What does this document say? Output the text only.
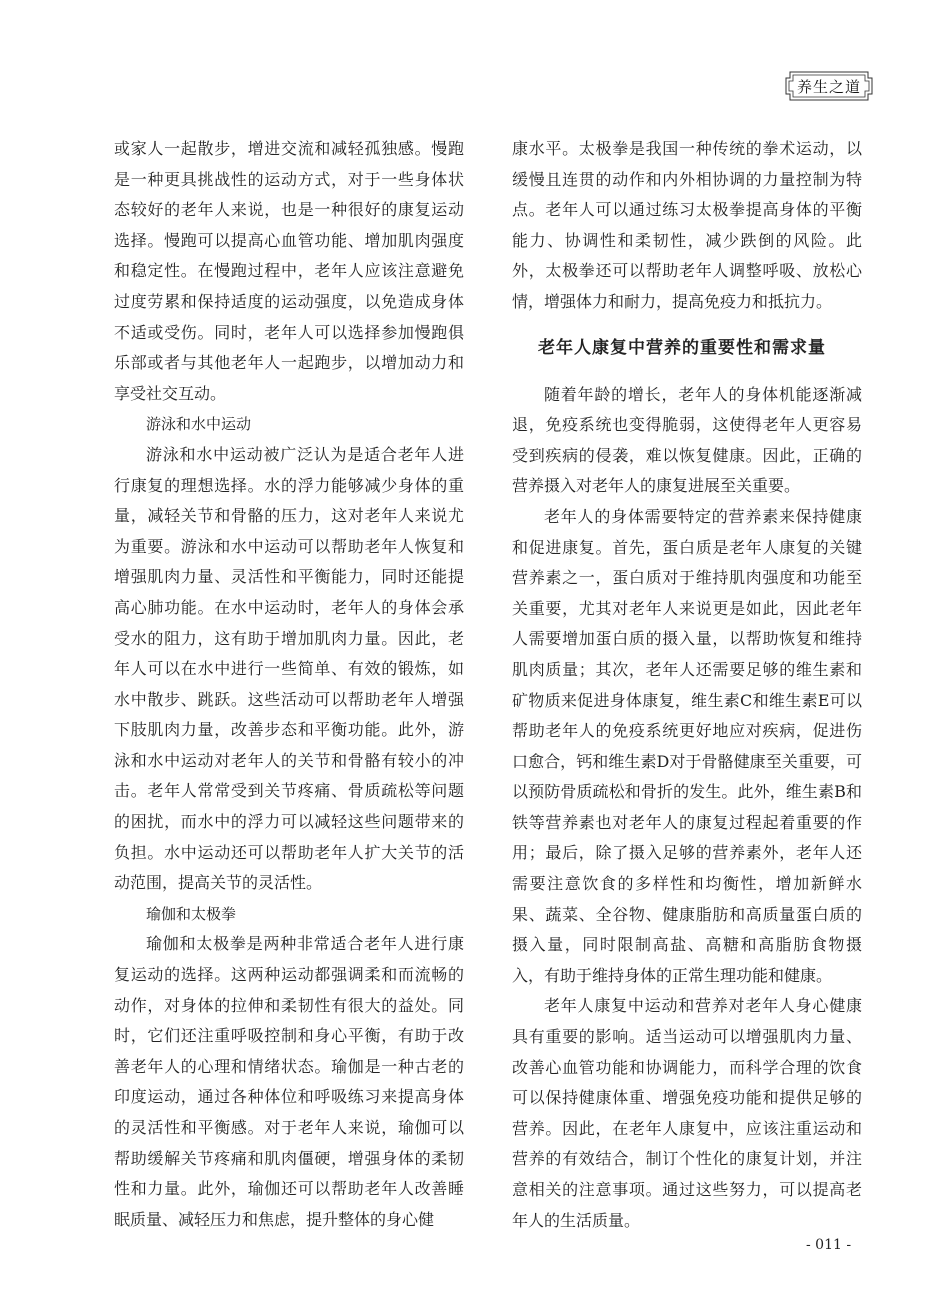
养生之道

或家人一起散步，增进交流和减轻孤独感。慢跑是一种更具挑战性的运动方式，对于一些身体状态较好的老年人来说，也是一种很好的康复运动选择。慢跑可以提高心血管功能、增加肌肉强度和稳定性。在慢跑过程中，老年人应该注意避免过度劳累和保持适度的运动强度，以免造成身体不适或受伤。同时，老年人可以选择参加慢跑俱乐部或者与其他老年人一起跑步，以增加动力和享受社交互动。

游泳和水中运动

游泳和水中运动被广泛认为是适合老年人进行康复的理想选择。水的浮力能够减少身体的重量，减轻关节和骨骼的压力，这对老年人来说尤为重要。游泳和水中运动可以帮助老年人恢复和增强肌肉力量、灵活性和平衡能力，同时还能提高心肺功能。在水中运动时，老年人的身体会承受水的阻力，这有助于增加肌肉力量。因此，老年人可以在水中进行一些简单、有效的锻炼，如水中散步、跳跃。这些活动可以帮助老年人增强下肢肌肉力量，改善步态和平衡功能。此外，游泳和水中运动对老年人的关节和骨骼有较小的冲击。老年人常常受到关节疼痛、骨质疏松等问题的困扰，而水中的浮力可以减轻这些问题带来的负担。水中运动还可以帮助老年人扩大关节的活动范围，提高关节的灵活性。

瑜伽和太极拳

瑜伽和太极拳是两种非常适合老年人进行康复运动的选择。这两种运动都强调柔和而流畅的动作，对身体的拉伸和柔韧性有很大的益处。同时，它们还注重呼吸控制和身心平衡，有助于改善老年人的心理和情绪状态。瑜伽是一种古老的印度运动，通过各种体位和呼吸练习来提高身体的灵活性和平衡感。对于老年人来说，瑜伽可以帮助缓解关节疼痛和肌肉僵硬，增强身体的柔韧性和力量。此外，瑜伽还可以帮助老年人改善睡眠质量、减轻压力和焦虑，提升整体的身心健

康水平。太极拳是我国一种传统的拳术运动，以缓慢且连贯的动作和内外相协调的力量控制为特点。老年人可以通过练习太极拳提高身体的平衡能力、协调性和柔韧性，减少跌倒的风险。此外，太极拳还可以帮助老年人调整呼吸、放松心情，增强体力和耐力，提高免疫力和抵抗力。

老年人康复中营养的重要性和需求量

随着年龄的增长，老年人的身体机能逐渐减退，免疫系统也变得脆弱，这使得老年人更容易受到疾病的侵袭，难以恢复健康。因此，正确的营养摄入对老年人的康复进展至关重要。

老年人的身体需要特定的营养素来保持健康和促进康复。首先，蛋白质是老年人康复的关键营养素之一，蛋白质对于维持肌肉强度和功能至关重要，尤其对老年人来说更是如此，因此老年人需要增加蛋白质的摄入量，以帮助恢复和维持肌肉质量；其次，老年人还需要足够的维生素和矿物质来促进身体康复，维生素C和维生素E可以帮助老年人的免疫系统更好地应对疾病，促进伤口愈合，钙和维生素D对于骨骼健康至关重要，可以预防骨质疏松和骨折的发生。此外，维生素B和铁等营养素也对老年人的康复过程起着重要的作用；最后，除了摄入足够的营养素外，老年人还需要注意饮食的多样性和均衡性，增加新鲜水果、蔬菜、全谷物、健康脂肪和高质量蛋白质的摄入量，同时限制高盐、高糖和高脂肪食物摄入，有助于维持身体的正常生理功能和健康。

老年人康复中运动和营养对老年人身心健康具有重要的影响。适当运动可以增强肌肉力量、改善心血管功能和协调能力，而科学合理的饮食可以保持健康体重、增强免疫功能和提供足够的营养。因此，在老年人康复中，应该注重运动和营养的有效结合，制订个性化的康复计划，并注意相关的注意事项。通过这些努力，可以提高老年人的生活质量。

- 011 -
